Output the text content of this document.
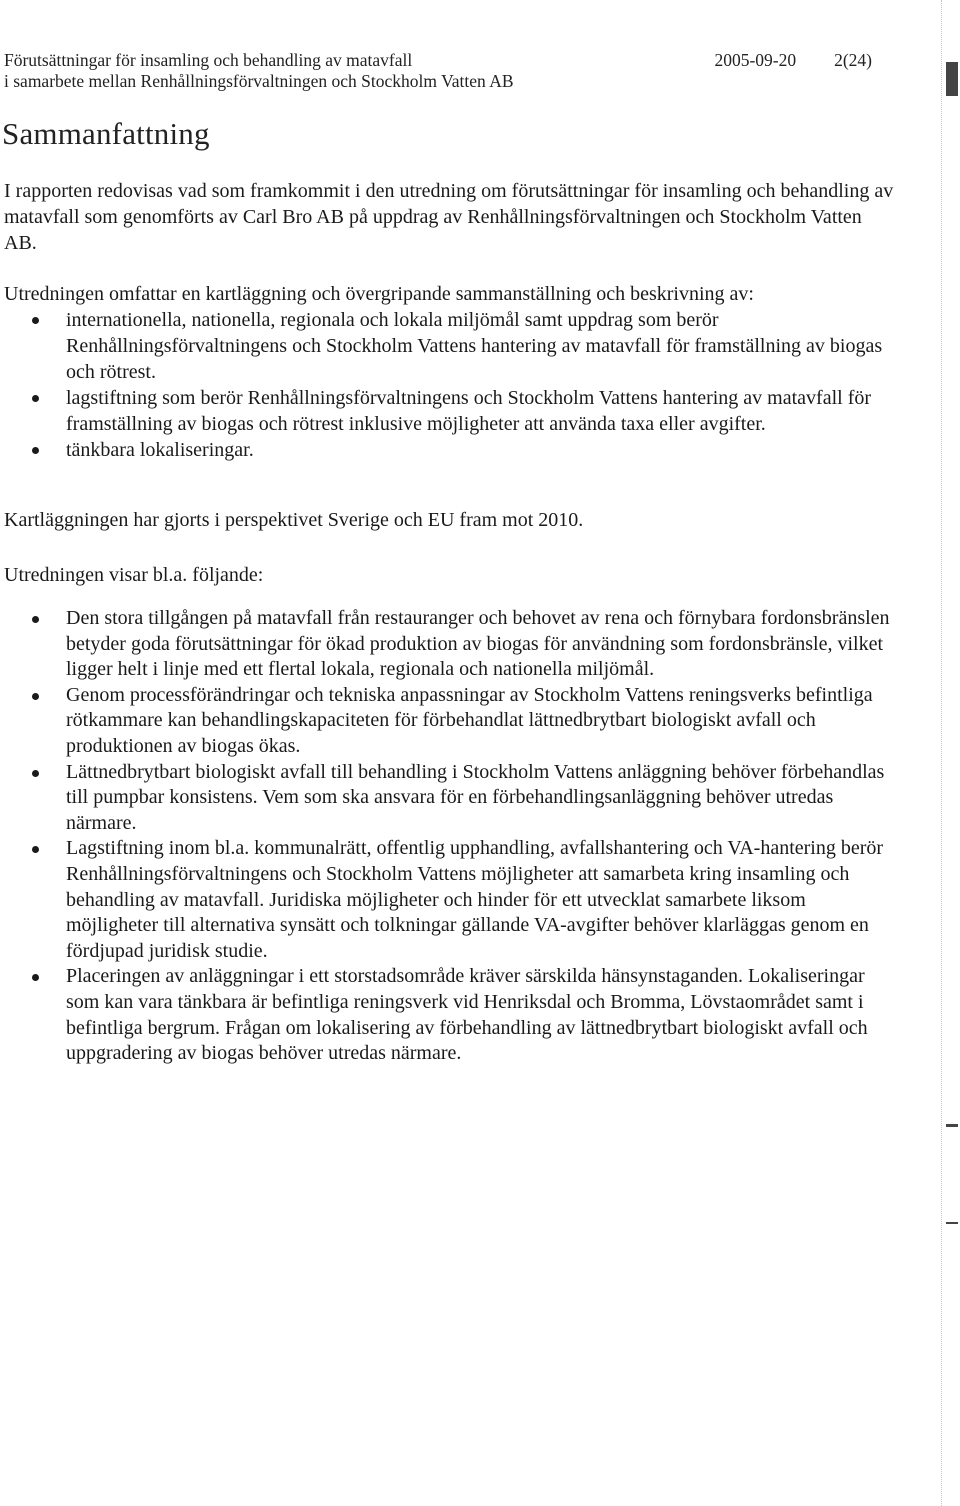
Förutsättningar för insamling och behandling av matavfall
i samarbete mellan Renhållningsförvaltningen och Stockholm Vatten AB
2005-09-20 2(24)
Sammanfattning
I rapporten redovisas vad som framkommit i den utredning om förutsättningar för insamling och behandling av matavfall som genomförts av Carl Bro AB på uppdrag av Renhållningsförvaltningen och Stockholm Vatten AB.
Utredningen omfattar en kartläggning och övergripande sammanställning och beskrivning av:
internationella, nationella, regionala och lokala miljömål samt uppdrag som berör Renhållningsförvaltningens och Stockholm Vattens hantering av matavfall för framställning av biogas och rötrest.
lagstiftning som berör Renhållningsförvaltningens och Stockholm Vattens hantering av matavfall för framställning av biogas och rötrest inklusive möjligheter att använda taxa eller avgifter.
tänkbara lokaliseringar.
Kartläggningen har gjorts i perspektivet Sverige och EU fram mot 2010.
Utredningen visar bl.a. följande:
Den stora tillgången på matavfall från restauranger och behovet av rena och förnybara fordonsbränslen betyder goda förutsättningar för ökad produktion av biogas för användning som fordonsbränsle, vilket ligger helt i linje med ett flertal lokala, regionala och nationella miljömål.
Genom processförändringar och tekniska anpassningar av Stockholm Vattens reningsverks befintliga rötkammare kan behandlingskapaciteten för förbehandlat lättnedbrytbart biologiskt avfall och produktionen av biogas ökas.
Lättnedbrytbart biologiskt avfall till behandling i Stockholm Vattens anläggning behöver förbehandlas till pumpbar konsistens. Vem som ska ansvara för en förbehandlingsanläggning behöver utredas närmare.
Lagstiftning inom bl.a. kommunalrätt, offentlig upphandling, avfallshantering och VA-hantering berör Renhållningsförvaltningens och Stockholm Vattens möjligheter att samarbeta kring insamling och behandling av matavfall. Juridiska möjligheter och hinder för ett utvecklat samarbete liksom möjligheter till alternativa synsätt och tolkningar gällande VA-avgifter behöver klarläggas genom en fördjupad juridisk studie.
Placeringen av anläggningar i ett storstadsområde kräver särskilda hänsynstaganden. Lokaliseringar som kan vara tänkbara är befintliga reningsverk vid Henriksdal och Bromma, Lövstaområdet samt i befintliga bergrum. Frågan om lokalisering av förbehandling av lättnedbrytbart biologiskt avfall och uppgradering av biogas behöver utredas närmare.
